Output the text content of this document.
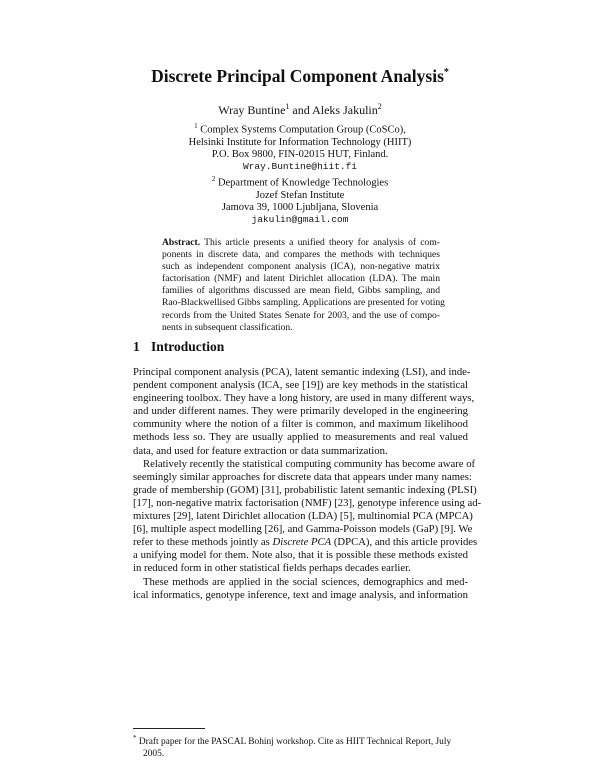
Discrete Principal Component Analysis*
Wray Buntine$^1$ and Aleks Jakulin$^2$
$^1$ Complex Systems Computation Group (CoSCo),
Helsinki Institute for Information Technology (HIIT)
P.O. Box 9800, FIN-02015 HUT, Finland.
Wray.Buntine@hiit.fi
$^2$ Department of Knowledge Technologies
Jozef Stefan Institute
Jamova 39, 1000 Ljubljana, Slovenia
jakulin@gmail.com
Abstract. This article presents a unified theory for analysis of com-
ponents in discrete data, and compares the methods with techniques
such as independent component analysis (ICA), non-negative matrix
factorisation (NMF) and latent Dirichlet allocation (LDA). The main
families of algorithms discussed are mean field, Gibbs sampling, and
Rao-Blackwellised Gibbs sampling. Applications are presented for voting
records from the United States Senate for 2003, and the use of compo-
nents in subsequent classification.
1 Introduction
Principal component analysis (PCA), latent semantic indexing (LSI), and inde-
pendent component analysis (ICA, see [19]) are key methods in the statistical
engineering toolbox. They have a long history, are used in many different ways,
and under different names. They were primarily developed in the engineering
community where the notion of a filter is common, and maximum likelihood
methods less so. They are usually applied to measurements and real valued
data, and used for feature extraction or data summarization.
Relatively recently the statistical computing community has become aware of
seemingly similar approaches for discrete data that appears under many names:
grade of membership (GOM) [31], probabilistic latent semantic indexing (PLSI)
[17], non-negative matrix factorisation (NMF) [23], genotype inference using ad-
mixtures [29], latent Dirichlet allocation (LDA) [5], multinomial PCA (MPCA)
[6], multiple aspect modelling [26], and Gamma-Poisson models (GaP) [9]. We
refer to these methods jointly as Discrete PCA (DPCA), and this article provides
a unifying model for them. Note also, that it is possible these methods existed
in reduced form in other statistical fields perhaps decades earlier.
These methods are applied in the social sciences, demographics and med-
ical informatics, genotype inference, text and image analysis, and information
* Draft paper for the PASCAL Bohinj workshop. Cite as HIIT Technical Report, July
2005.
